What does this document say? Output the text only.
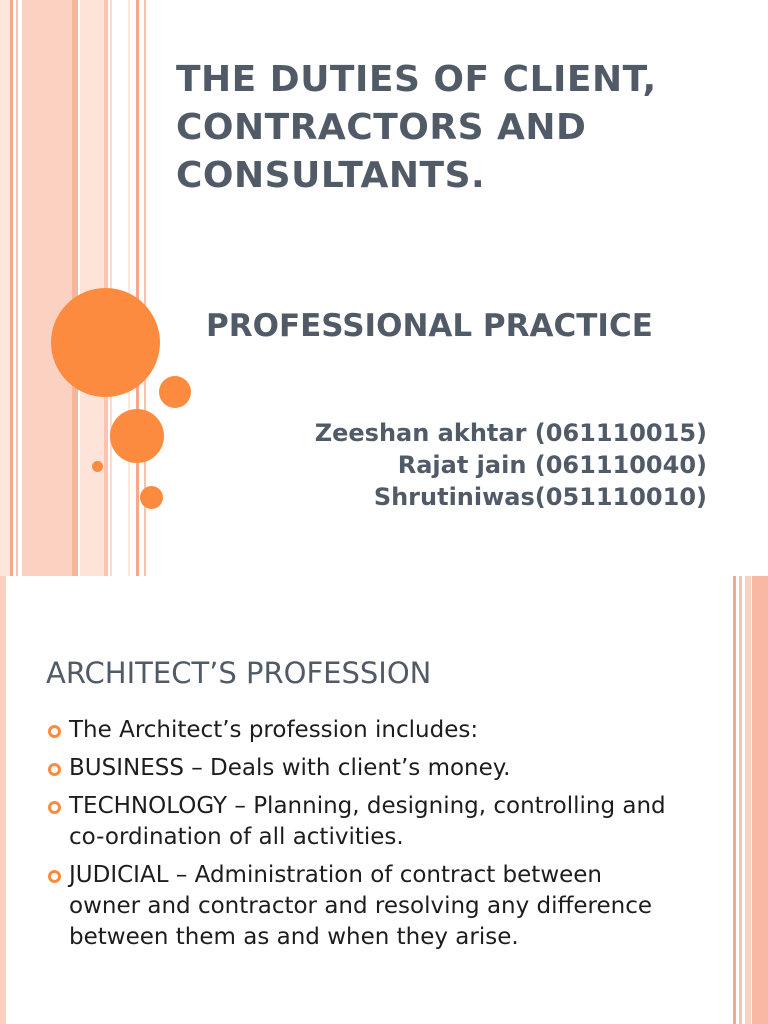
THE DUTIES OF CLIENT, CONTRACTORS AND CONSULTANTS.
PROFESSIONAL PRACTICE
Zeeshan akhtar (061110015)
Rajat jain (061110040)
Shrutiniwas(051110010)
ARCHITECT’S PROFESSION
The Architect’s profession includes:
BUSINESS – Deals with client’s money.
TECHNOLOGY – Planning, designing, controlling and co-ordination of all activities.
JUDICIAL – Administration of contract between owner and contractor and resolving any difference between them as and when they arise.
